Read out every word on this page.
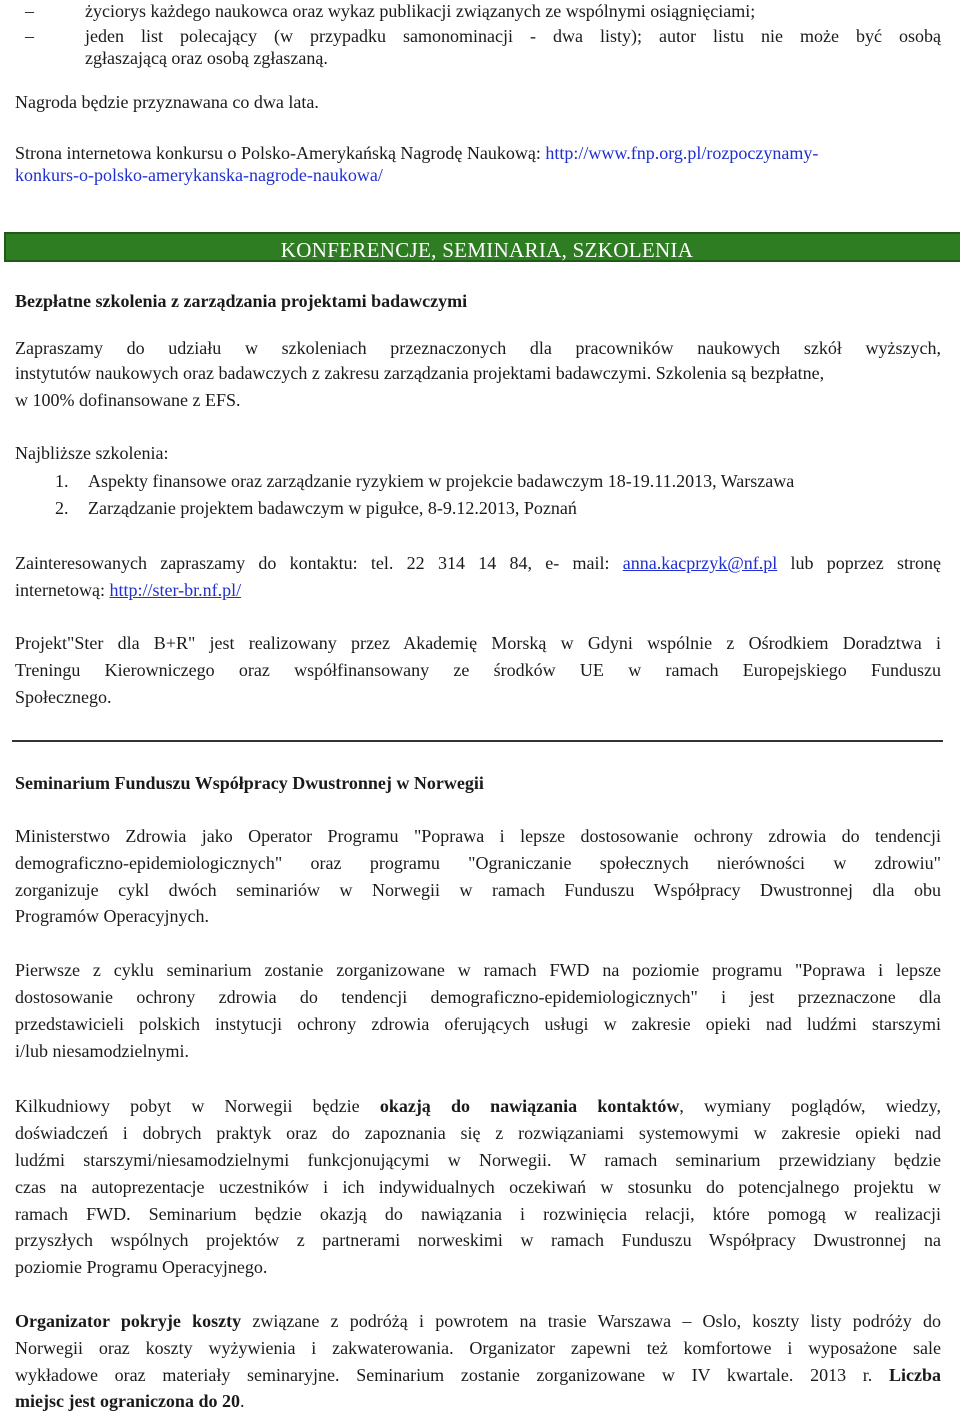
–	życiorys każdego naukowca oraz wykaz publikacji związanych ze wspólnymi osiągnięciami;
–	jeden list polecający (w przypadku samonominacji - dwa listy); autor listu nie może być osobą
zgłaszającą oraz osobą zgłaszaną.
Nagroda będzie przyznawana co dwa lata.
Strona internetowa konkursu o Polsko-Amerykańską Nagrodę Naukową: http://www.fnp.org.pl/rozpoczynamy-
konkurs-o-polsko-amerykanska-nagrode-naukowa/
KONFERENCJE, SEMINARIA, SZKOLENIA
Bezpłatne szkolenia z zarządzania projektami badawczymi
Zapraszamy do udziału w szkoleniach przeznaczonych dla pracowników naukowych szkół wyższych,
instytutów naukowych oraz badawczych z zakresu zarządzania projektami badawczymi. Szkolenia są bezpłatne,
w 100% dofinansowane z EFS.
Najbliższe szkolenia:
1. Aspekty finansowe oraz zarządzanie ryzykiem w projekcie badawczym 18-19.11.2013, Warszawa
2. Zarządzanie projektem badawczym w pigułce, 8-9.12.2013, Poznań
Zainteresowanych zapraszamy do kontaktu: tel. 22 314 14 84, e- mail: anna.kacprzyk@nf.pl lub poprzez stronę
internetową: http://ster-br.nf.pl/
Projekt"Ster dla B+R" jest realizowany przez Akademię Morską w Gdyni wspólnie z Ośrodkiem Doradztwa i
Treningu Kierowniczego oraz współfinansowany ze środków UE w ramach Europejskiego Funduszu
Społecznego.
Seminarium Funduszu Współpracy Dwustronnej w Norwegii
Ministerstwo Zdrowia jako Operator Programu "Poprawa i lepsze dostosowanie ochrony zdrowia do tendencji
demograficzno-epidemiologicznych" oraz programu "Ograniczanie społecznych nierówności w zdrowiu"
zorganizuje cykl dwóch seminariów w Norwegii w ramach Funduszu Współpracy Dwustronnej dla obu
Programów Operacyjnych.
Pierwsze z cyklu seminarium zostanie zorganizowane w ramach FWD na poziomie programu "Poprawa i lepsze
dostosowanie ochrony zdrowia do tendencji demograficzno-epidemiologicznych" i jest przeznaczone dla
przedstawicieli polskich instytucji ochrony zdrowia oferujących usługi w zakresie opieki nad ludźmi starszymi
i/lub niesamodzielnymi.
Kilkudniowy pobyt w Norwegii będzie okazją do nawiązania kontaktów, wymiany poglądów, wiedzy,
doświadczeń i dobrych praktyk oraz do zapoznania się z rozwiązaniami systemowymi w zakresie opieki nad
ludźmi starszymi/niesamodzielnymi funkcjonującymi w Norwegii. W ramach seminarium przewidziany będzie
czas na autoprezentacje uczestników i ich indywidualnych oczekiwań w stosunku do potencjalnego projektu w
ramach FWD. Seminarium będzie okazją do nawiązania i rozwinięcia relacji, które pomogą w realizacji
przyszłych wspólnych projektów z partnerami norweskimi w ramach Funduszu Współpracy Dwustronnej na
poziomie Programu Operacyjnego.
Organizator pokryje koszty związane z podróżą i powrotem na trasie Warszawa – Oslo, koszty listy podróży do
Norwegii oraz koszty wyżywienia i zakwaterowania. Organizator zapewni też komfortowe i wyposażone sale
wykładowe oraz materiały seminaryjne. Seminarium zostanie zorganizowane w IV kwartale. 2013 r. Liczba
miejsc jest ograniczona do 20.
